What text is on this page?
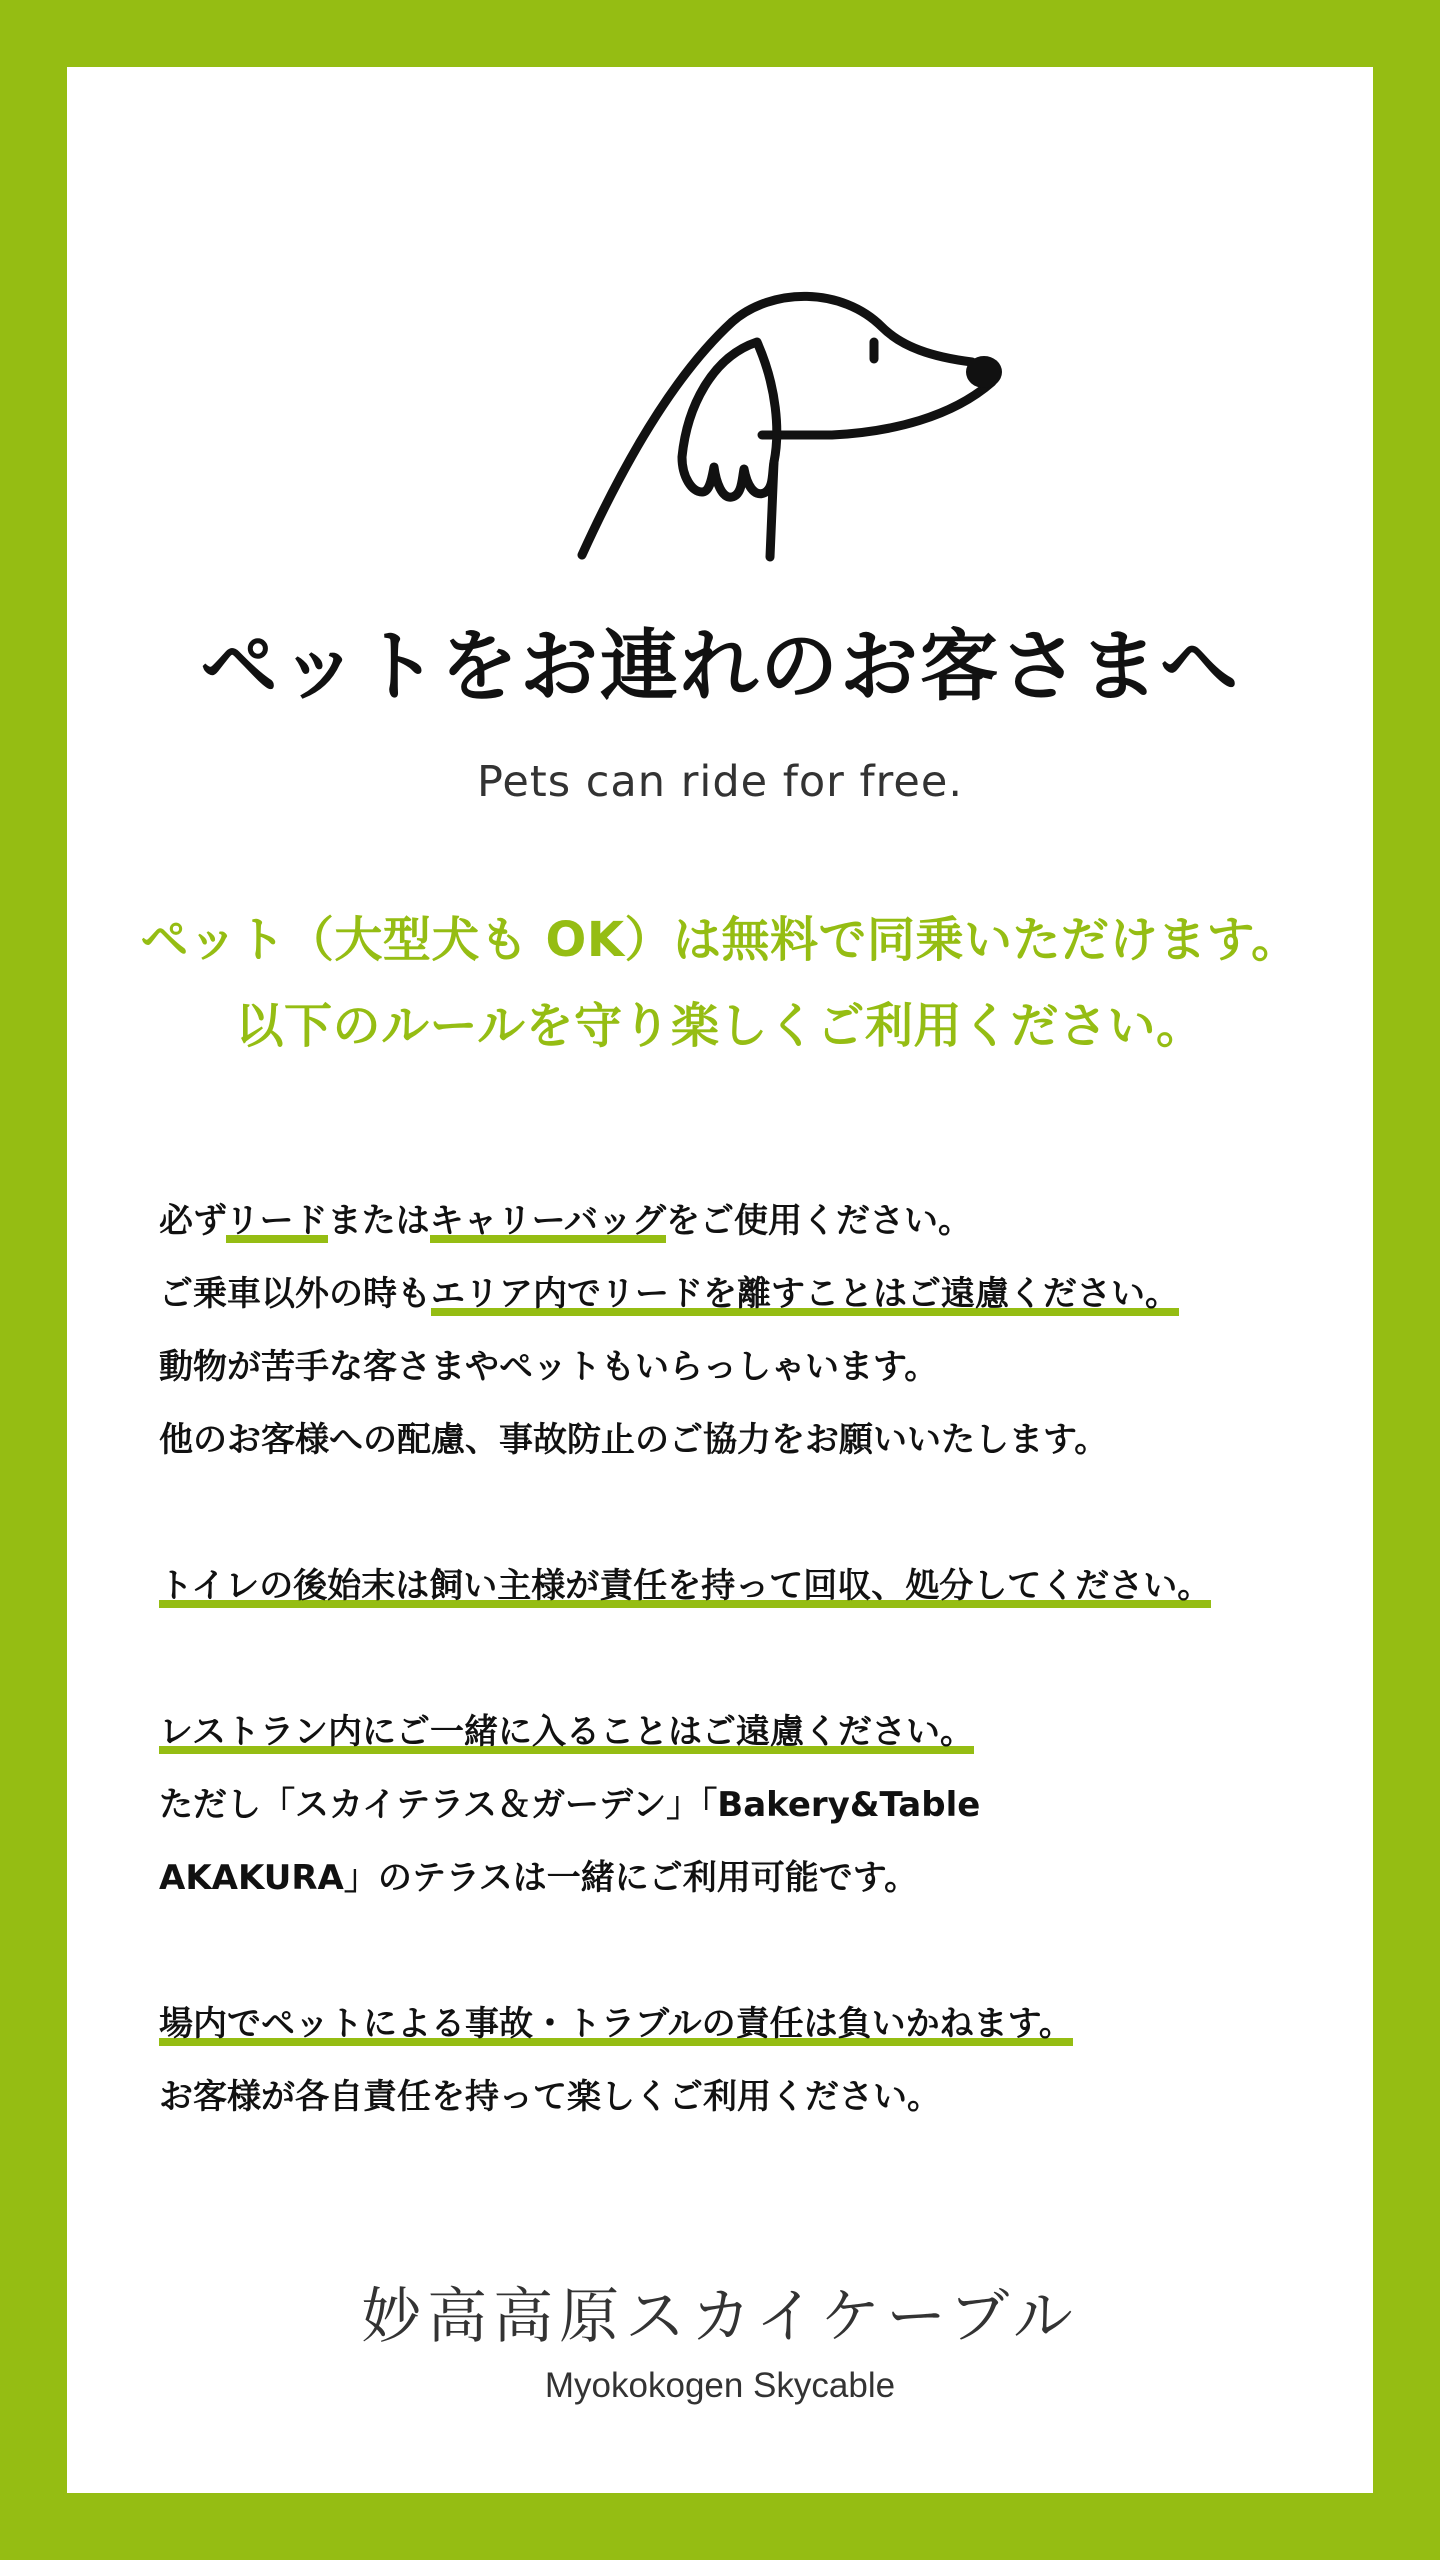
ペットをお連れのお客さまへ
Pets can ride for free.
ペット（大型犬も OK）は無料で同乗いただけます。
以下のルールを守り楽しくご利用ください。
必ずリードまたはキャリーバッグをご使用ください。
ご乗車以外の時もエリア内でリードを離すことはご遠慮ください。
動物が苦手な客さまやペットもいらっしゃいます。
他のお客様への配慮、事故防止のご協力をお願いいたします。
トイレの後始末は飼い主様が責任を持って回収、処分してください。
レストラン内にご一緒に入ることはご遠慮ください。
ただし「スカイテラス＆ガーデン」「Bakery&Table
AKAKURA」のテラスは一緒にご利用可能です。
場内でペットによる事故・トラブルの責任は負いかねます。
お客様が各自責任を持って楽しくご利用ください。
妙高高原スカイケーブル
Myokokogen Skycable
